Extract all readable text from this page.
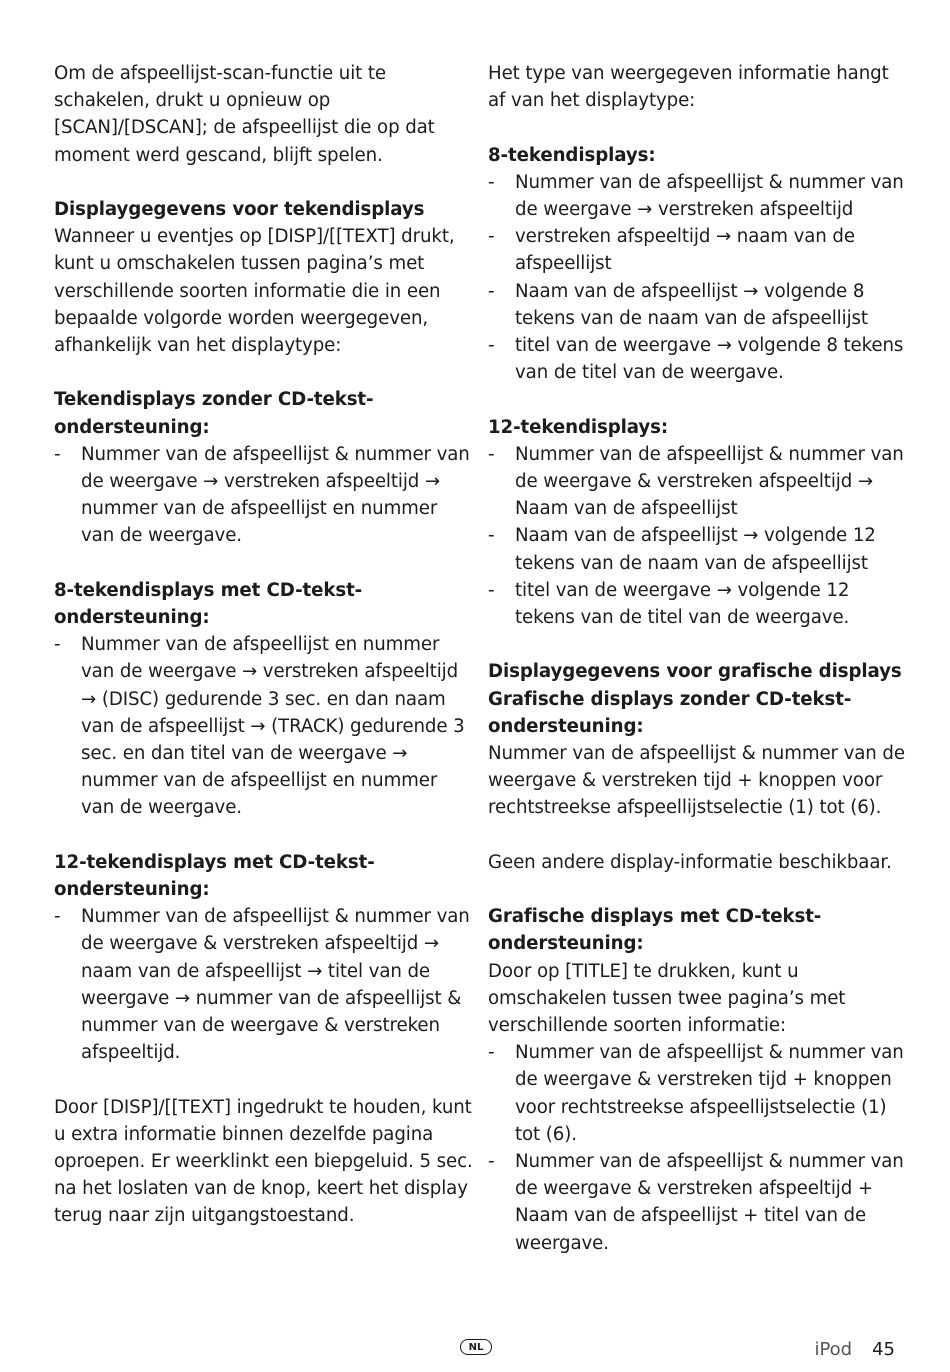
Om de afspeellijst-scan-functie uit te schakelen, drukt u opnieuw op [SCAN]/[DSCAN]; de afspeellijst die op dat moment werd gescand, blijft spelen.

Displaygegevens voor tekendisplays

Wanneer u eventjes op [DISP]/[[TEXT] drukt, kunt u omschakelen tussen pagina’s met verschillende soorten informatie die in een bepaalde volgorde worden weergegeven, afhankelijk van het displaytype:

Tekendisplays zonder CD-tekst-ondersteuning:

- Nummer van de afspeellijst & nummer van de weergave → verstreken afspeeltijd → nummer van de afspeellijst en nummer van de weergave.

8-tekendisplays met CD-tekst-ondersteuning:

- Nummer van de afspeellijst en nummer van de weergave → verstreken afspeeltijd → (DISC) gedurende 3 sec. en dan naam van de afspeellijst → (TRACK) gedurende 3 sec. en dan titel van de weergave → nummer van de afspeellijst en nummer van de weergave.

12-tekendisplays met CD-tekst-ondersteuning:

- Nummer van de afspeellijst & nummer van de weergave & verstreken afspeeltijd → naam van de afspeellijst → titel van de weergave → nummer van de afspeellijst & nummer van de weergave & verstreken afspeeltijd.

Door [DISP]/[[TEXT] ingedrukt te houden, kunt u extra informatie binnen dezelfde pagina oproepen. Er weerklinkt een biepgeluid. 5 sec. na het loslaten van de knop, keert het display terug naar zijn uitgangstoestand.

Het type van weergegeven informatie hangt af van het displaytype:

8-tekendisplays:

- Nummer van de afspeellijst & nummer van de weergave → verstreken afspeeltijd
- verstreken afspeeltijd → naam van de afspeellijst
- Naam van de afspeellijst → volgende 8 tekens van de naam van de afspeellijst
- titel van de weergave → volgende 8 tekens van de titel van de weergave.

12-tekendisplays:

- Nummer van de afspeellijst & nummer van de weergave & verstreken afspeeltijd → Naam van de afspeellijst
- Naam van de afspeellijst → volgende 12 tekens van de naam van de afspeellijst
- titel van de weergave → volgende 12 tekens van de titel van de weergave.

Displaygegevens voor grafische displays

Grafische displays zonder CD-tekst-ondersteuning:

Nummer van de afspeellijst & nummer van de weergave & verstreken tijd + knoppen voor rechtstreekse afspeellijstselectie (1) tot (6).

Geen andere display-informatie beschikbaar.

Grafische displays met CD-tekst-ondersteuning:

Door op [TITLE] te drukken, kunt u omschakelen tussen twee pagina’s met verschillende soorten informatie:

- Nummer van de afspeellijst & nummer van de weergave & verstreken tijd + knoppen voor rechtstreekse afspeellijstselectie (1) tot (6).
- Nummer van de afspeellijst & nummer van de weergave & verstreken afspeeltijd + Naam van de afspeellijst + titel van de weergave.
NL	iPod 45
